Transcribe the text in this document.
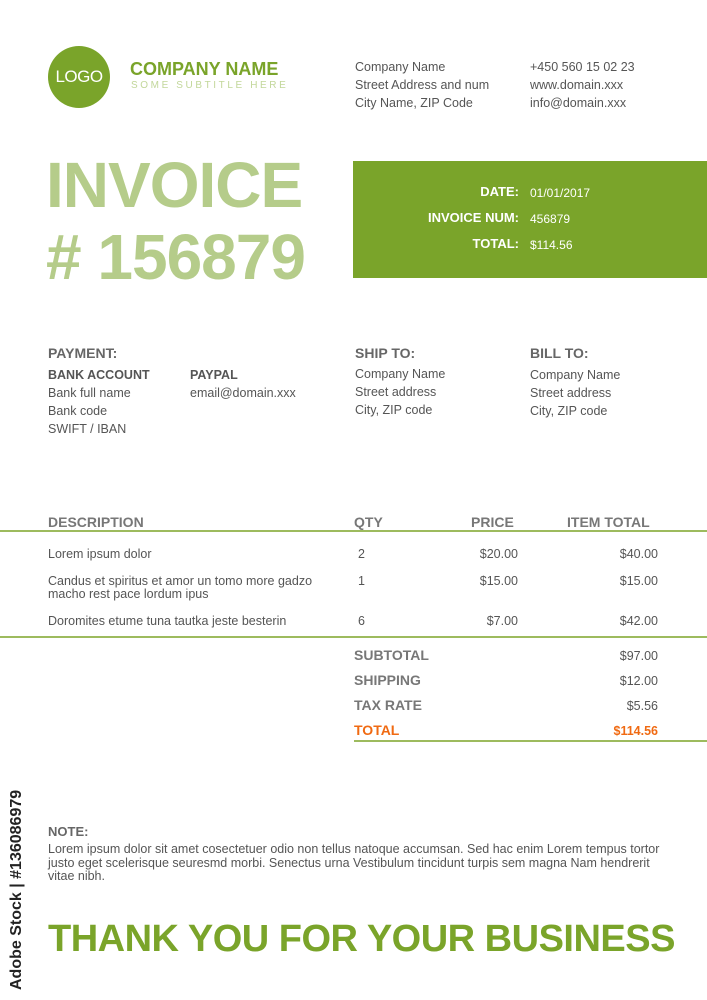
LOGO COMPANY NAME
SOME SUBTITLE HERE
Company Name
Street Address and num
City Name, ZIP Code
+450 560 15 02 23
www.domain.xxx
info@domain.xxx
INVOICE
# 156879
DATE: 01/01/2017
INVOICE NUM: 456879
TOTAL: $114.56
PAYMENT:
BANK ACCOUNT
Bank full name
Bank code
SWIFT / IBAN
PAYPAL
email@domain.xxx
SHIP TO:
Company Name
Street address
City, ZIP code
BILL TO:
Company Name
Street address
City, ZIP code
DESCRIPTION	QTY	PRICE	ITEM TOTAL
Lorem ipsum dolor	2	$20.00	$40.00
Candus et spiritus et amor un tomo more gadzo
macho rest pace lordum ipus
1	$15.00	$15.00
Doromites etume tuna tautka jeste besterin	6	$7.00	$42.00
SUBTOTAL	$97.00
SHIPPING	$12.00
TAX RATE	$5.56
TOTAL	$114.56
NOTE:
Lorem ipsum dolor sit amet cosectetuer odio non tellus natoque accumsan. Sed hac enim Lorem tempus tortor justo eget scelerisque seuresmd morbi. Senectus urna Vestibulum tincidunt turpis sem magna Nam hendrerit vitae nibh.
THANK YOU FOR YOUR BUSINESS
Adobe Stock | #136086979
